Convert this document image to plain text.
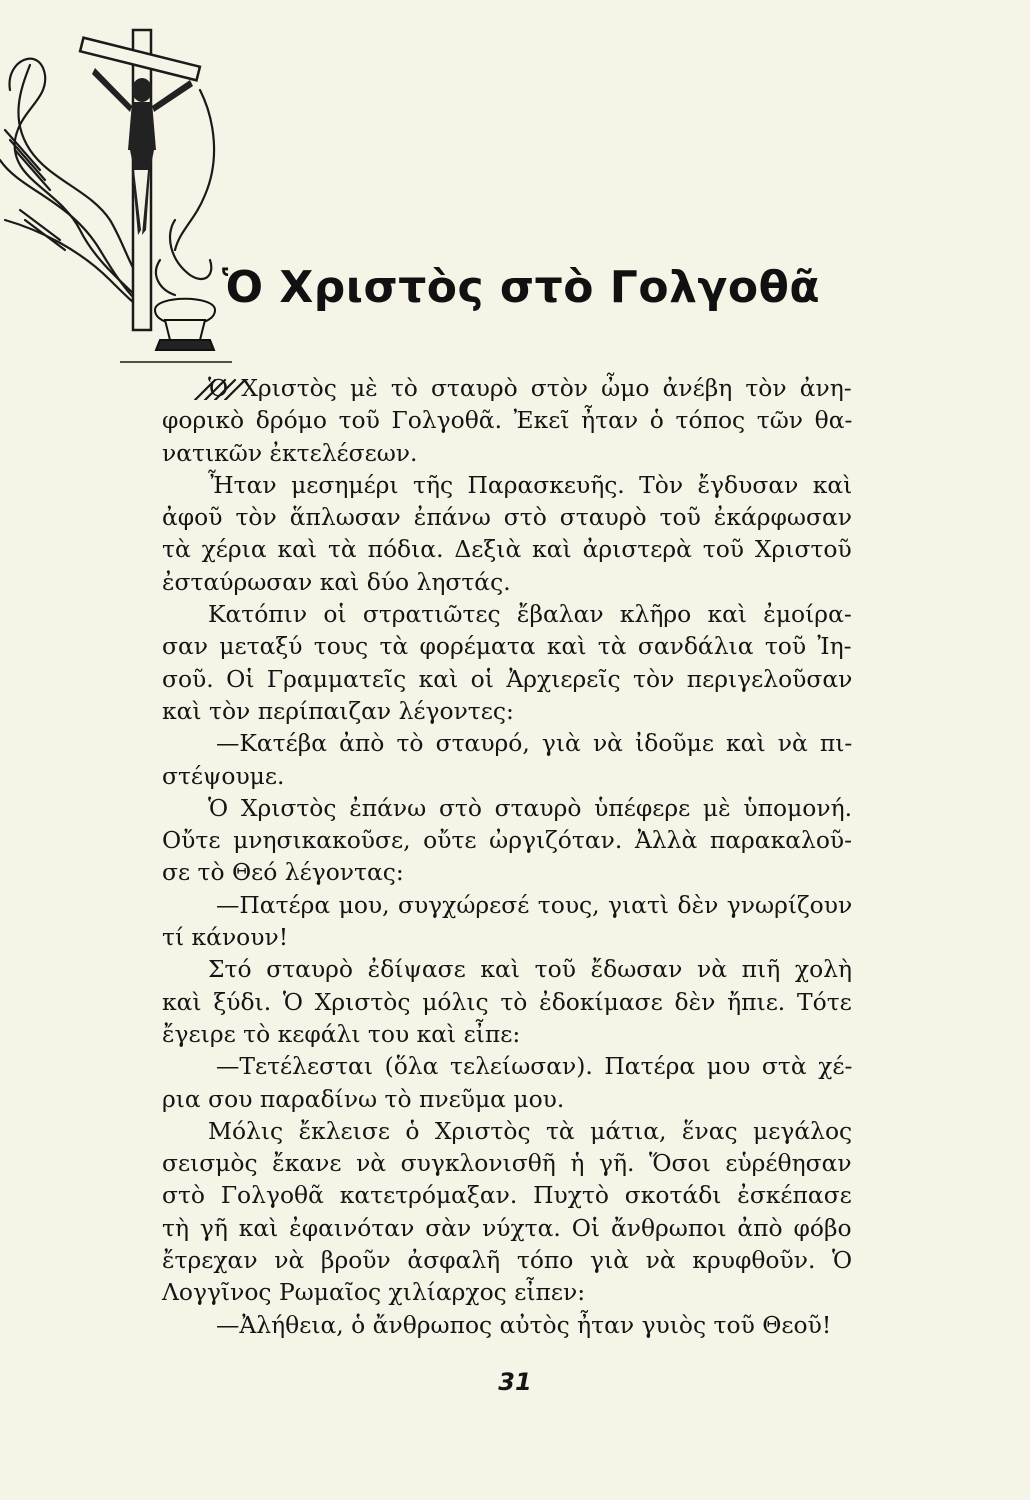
Ὁ Χριστὸς στὸ Γολγοθᾶ

Ὁ Χριστὸς μὲ τὸ σταυρὸ στὸν ὦμο ἀνέβη τὸν ἀνη-
φορικὸ δρόμο τοῦ Γολγοθᾶ. Ἐκεῖ ἦταν ὁ τόπος τῶν θα-
νατικῶν ἐκτελέσεων.

Ἦταν μεσημέρι τῆς Παρασκευῆς. Τὸν ἔγδυσαν καὶ
ἀφοῦ τὸν ἅπλωσαν ἐπάνω στὸ σταυρὸ τοῦ ἐκάρφωσαν
τὰ χέρια καὶ τὰ πόδια. Δεξιὰ καὶ ἀριστερὰ τοῦ Χριστοῦ
ἐσταύρωσαν καὶ δύο ληστάς.

Κατόπιν οἱ στρατιῶτες ἔβαλαν κλῆρο καὶ ἐμοίρα-
σαν μεταξύ τους τὰ φορέματα καὶ τὰ σανδάλια τοῦ Ἰη-
σοῦ. Οἱ Γραμματεῖς καὶ οἱ Ἀρχιερεῖς τὸν περιγελοῦσαν
καὶ τὸν περίπαιζαν λέγοντες:

—Κατέβα ἀπὸ τὸ σταυρό, γιὰ νὰ ἰδοῦμε καὶ νὰ πι-
στέψουμε.

Ὁ Χριστὸς ἐπάνω στὸ σταυρὸ ὑπέφερε μὲ ὑπομονή.
Οὔτε μνησικακοῦσε, οὔτε ὠργιζόταν. Ἀλλὰ παρακαλοῦ-
σε τὸ Θεό λέγοντας:

—Πατέρα μου, συγχώρεσέ τους, γιατὶ δὲν γνωρίζουν
τί κάνουν!

Στό σταυρὸ ἐδίψασε καὶ τοῦ ἔδωσαν νὰ πιῆ χολὴ
καὶ ξύδι. Ὁ Χριστὸς μόλις τὸ ἐδοκίμασε δὲν ἤπιε. Τότε
ἔγειρε τὸ κεφάλι του καὶ εἶπε:

—Τετέλεσται (ὅλα τελείωσαν). Πατέρα μου στὰ χέ-
ρια σου παραδίνω τὸ πνεῦμα μου.

Μόλις ἔκλεισε ὁ Χριστὸς τὰ μάτια, ἕνας μεγάλος
σεισμὸς ἔκανε νὰ συγκλονισθῆ ἡ γῆ. Ὅσοι εὑρέθησαν
στὸ Γολγοθᾶ κατετρόμαξαν. Πυχτὸ σκοτάδι ἐσκέπασε
τὴ γῆ καὶ ἐφαινόταν σὰν νύχτα. Οἱ ἄνθρωποι ἀπὸ φόβο
ἔτρεχαν νὰ βροῦν ἀσφαλῆ τόπο γιὰ νὰ κρυφθοῦν. Ὁ
Λογγῖνος Ρωμαῖος χιλίαρχος εἶπεν:

—Ἀλήθεια, ὁ ἄνθρωπος αὐτὸς ἦταν γυιὸς τοῦ Θεοῦ!

31
